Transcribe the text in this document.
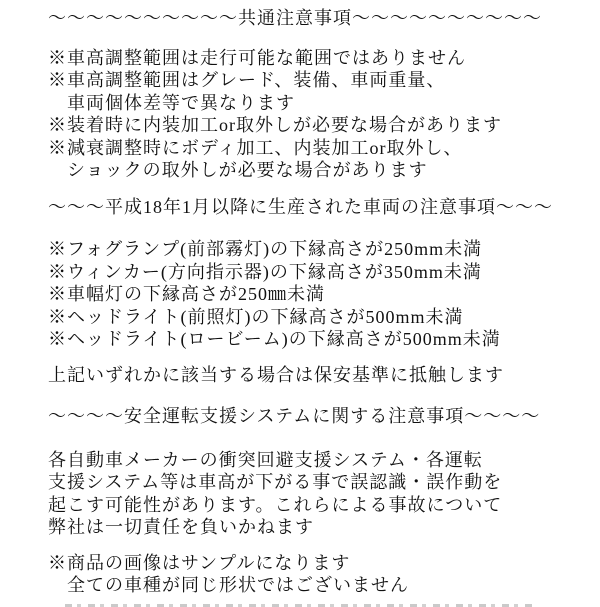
～～～～～～～～～～共通注意事項～～～～～～～～～～
※車高調整範囲は走行可能な範囲ではありません
※車高調整範囲はグレード、装備、車両重量、
車両個体差等で異なります
※装着時に内装加工or取外しが必要な場合があります
※減衰調整時にボディ加工、内装加工or取外し、
ショックの取外しが必要な場合があります
～～～平成18年1月以降に生産された車両の注意事項～～～
※フォグランプ(前部霧灯)の下縁高さが250mm未満
※ウィンカー(方向指示器)の下縁高さが350mm未満
※車幅灯の下縁高さが250㎜未満
※ヘッドライト(前照灯)の下縁高さが500mm未満
※ヘッドライト(ロービーム)の下縁高さが500mm未満
上記いずれかに該当する場合は保安基準に抵触します
～～～～安全運転支援システムに関する注意事項～～～～
各自動車メーカーの衝突回避支援システム・各運転
支援システム等は車高が下がる事で誤認識・誤作動を
起こす可能性があります。これらによる事故について
弊社は一切責任を負いかねます
※商品の画像はサンプルになります
全ての車種が同じ形状ではございません
